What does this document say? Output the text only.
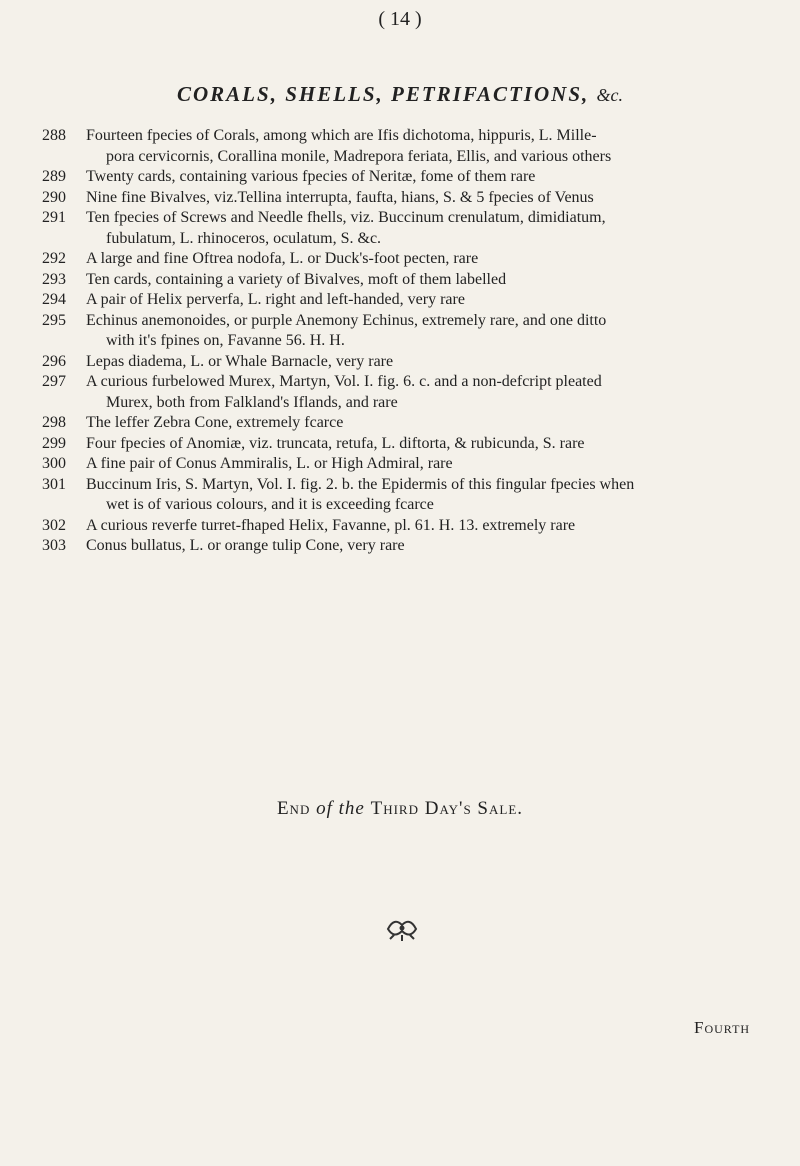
( 14 )
CORALS, SHELLS, PETRIFACTIONS, &c.
288	Fourteen fpecies of Corals, among which are Ifis dichotoma, hippuris, L. Mille-
pora cervicornis, Corallina monile, Madrepora feriata, Ellis, and various others
289	Twenty cards, containing various fpecies of Neritæ, fome of them rare
290	Nine fine Bivalves, viz.Tellina interrupta, faufta, hians, S. & 5 fpecies of Venus
291	Ten fpecies of Screws and Needle fhells, viz. Buccinum crenulatum, dimidiatum,
fubulatum, L. rhinoceros, oculatum, S. &c.
292	A large and fine Oftrea nodofa, L. or Duck's-foot pecten, rare
293	Ten cards, containing a variety of Bivalves, moft of them labelled
294	A pair of Helix perverfa, L. right and left-handed, very rare
295	Echinus anemonoides, or purple Anemony Echinus, extremely rare, and one ditto
with it's fpines on, Favanne 56. H. H.
296	Lepas diadema, L. or Whale Barnacle, very rare
297	A curious furbelowed Murex, Martyn, Vol. I. fig. 6. c. and a non-defcript pleated
Murex, both from Falkland's Iflands, and rare
298	The leffer Zebra Cone, extremely fcarce
299	Four fpecies of Anomiæ, viz. truncata, retufa, L. diftorta, & rubicunda, S. rare
300	A fine pair of Conus Ammiralis, L. or High Admiral, rare
301	Buccinum Iris, S. Martyn, Vol. I. fig. 2. b. the Epidermis of this fingular fpecies when
wet is of various colours, and it is exceeding fcarce
302	A curious reverfe turret-fhaped Helix, Favanne, pl. 61. H. 13. extremely rare
303	Conus bullatus, L. or orange tulip Cone, very rare
End of the Third Day's Sale.
Fourth
